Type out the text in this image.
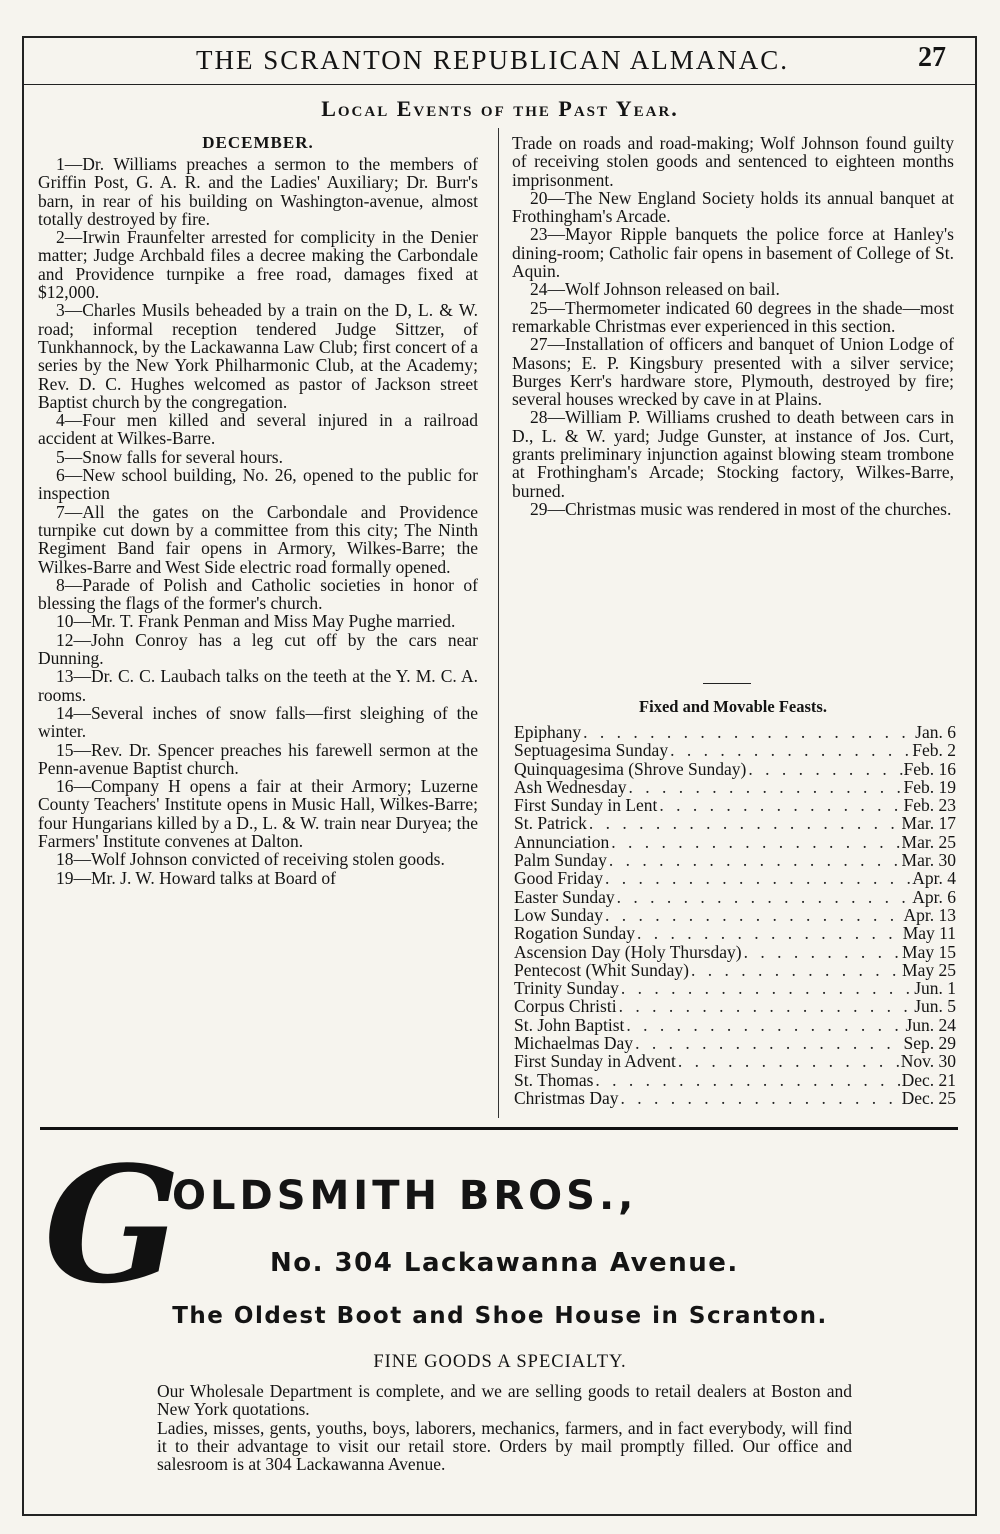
THE SCRANTON REPUBLICAN ALMANAC.	27
Local Events of the Past Year.
DECEMBER.

1—Dr. Williams preaches a sermon to the members of Griffin Post, G. A. R. and the Ladies' Auxiliary; Dr. Burr's barn, in rear of his building on Washington-avenue, almost totally destroyed by fire.

2—Irwin Fraunfelter arrested for complicity in the Denier matter; Judge Archbald files a decree making the Carbondale and Providence turnpike a free road, damages fixed at $12,000.

3—Charles Musils beheaded by a train on the D, L. & W. road; informal reception tendered Judge Sittzer, of Tunkhannock, by the Lackawanna Law Club; first concert of a series by the New York Philharmonic Club, at the Academy; Rev. D. C. Hughes welcomed as pastor of Jackson street Baptist church by the congregation.

4—Four men killed and several injured in a railroad accident at Wilkes-Barre.

5—Snow falls for several hours.

6—New school building, No. 26, opened to the public for inspection

7—All the gates on the Carbondale and Providence turnpike cut down by a committee from this city; The Ninth Regiment Band fair opens in Armory, Wilkes-Barre; the Wilkes-Barre and West Side electric road formally opened.

8—Parade of Polish and Catholic societies in honor of blessing the flags of the former's church.

10—Mr. T. Frank Penman and Miss May Pughe married.

12—John Conroy has a leg cut off by the cars near Dunning.

13—Dr. C. C. Laubach talks on the teeth at the Y. M. C. A. rooms.

14—Several inches of snow falls—first sleighing of the winter.

15—Rev. Dr. Spencer preaches his farewell sermon at the Penn-avenue Baptist church.

16—Company H opens a fair at their Armory; Luzerne County Teachers' Institute opens in Music Hall, Wilkes-Barre; four Hungarians killed by a D., L. & W. train near Duryea; the Farmers' Institute convenes at Dalton.

18—Wolf Johnson convicted of receiving stolen goods.

19—Mr. J. W. Howard talks at Board of

Trade on roads and road-making; Wolf Johnson found guilty of receiving stolen goods and sentenced to eighteen months imprisonment.

20—The New England Society holds its annual banquet at Frothingham's Arcade.

23—Mayor Ripple banquets the police force at Hanley's dining-room; Catholic fair opens in basement of College of St. Aquin.

24—Wolf Johnson released on bail.

25—Thermometer indicated 60 degrees in the shade—most remarkable Christmas ever experienced in this section.

27—Installation of officers and banquet of Union Lodge of Masons; E. P. Kingsbury presented with a silver service; Burges Kerr's hardware store, Plymouth, destroyed by fire; several houses wrecked by cave in at Plains.

28—William P. Williams crushed to death between cars in D., L. & W. yard; Judge Gunster, at instance of Jos. Curt, grants preliminary injunction against blowing steam trombone at Frothingham's Arcade; Stocking factory, Wilkes-Barre, burned.

29—Christmas music was rendered in most of the churches.

Fixed and Movable Feasts.
Epiphany . . .	Jan. 6
Septuagesima Sunday . . .	Feb. 2
Quinquagesima (Shrove Sunday) . . .	Feb. 16
Ash Wednesday . . .	Feb. 19
First Sunday in Lent . . .	Feb. 23
St. Patrick . . .	Mar. 17
Annunciation . . .	Mar. 25
Palm Sunday . . .	Mar. 30
Good Friday . . .	Apr. 4
Easter Sunday . . .	Apr. 6
Low Sunday . . .	Apr. 13
Rogation Sunday . . .	May 11
Ascension Day (Holy Thursday) . . .	May 15
Pentecost (Whit Sunday) . . .	May 25
Trinity Sunday . . .	Jun. 1
Corpus Christi . . .	Jun. 5
St. John Baptist . . .	Jun. 24
Michaelmas Day . . .	Sep. 29
First Sunday in Advent . . .	Nov. 30
St. Thomas . . .	Dec. 21
Christmas Day . . .	Dec. 25
G
OLDSMITH BROS.,
No. 304 Lackawanna Avenue.
The Oldest Boot and Shoe House in Scranton.
FINE GOODS A SPECIALTY.

Our Wholesale Department is complete, and we are selling goods to retail dealers at Boston and New York quotations.

Ladies, misses, gents, youths, boys, laborers, mechanics, farmers, and in fact everybody, will find it to their advantage to visit our retail store. Orders by mail promptly filled. Our office and salesroom is at 304 Lackawanna Avenue.
